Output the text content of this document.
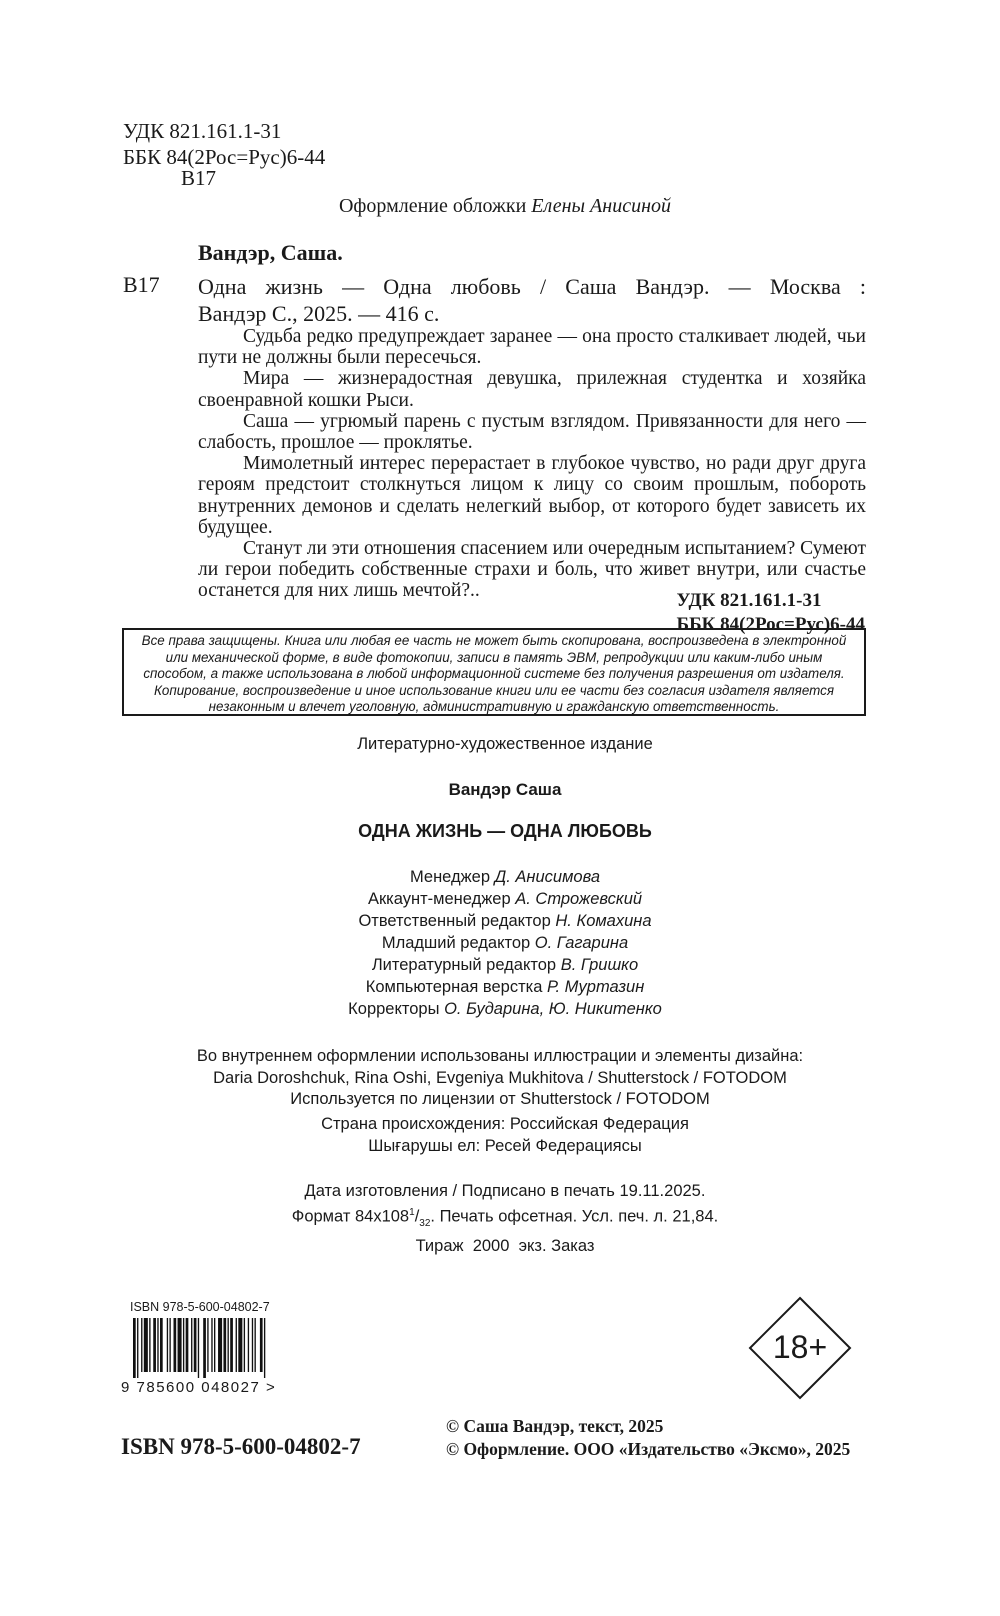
УДК 821.161.1-31
ББК 84(2Рос=Рус)6-44
В17
Оформление обложки Елены Анисиной
Вандэр, Саша.
В17 Одна жизнь — Одна любовь / Саша Вандэр. — Москва :
Вандэр С., 2025. — 416 с.

Судьба редко предупреждает заранее — она просто сталкивает людей, чьи пути не должны были пересечься.

Мира — жизнерадостная девушка, прилежная студентка и хозяйка своенравной кошки Рыси.

Саша — угрюмый парень с пустым взглядом. Привязанности для него — слабость, прошлое — проклятье.

Мимолетный интерес перерастает в глубокое чувство, но ради друг друга героям предстоит столкнуться лицом к лицу со своим прошлым, побороть внутренних демонов и сделать нелегкий выбор, от которого будет зависеть их будущее.

Станут ли эти отношения спасением или очередным испытанием? Сумеют ли герои победить собственные страхи и боль, что живет внутри, или счастье останется для них лишь мечтой?..	УДК 821.161.1-31
ББК 84(2Рос=Рус)6-44
Все права защищены. Книга или любая ее часть не может быть скопирована, воспроизведена в электронной или механической форме, в виде фотокопии, записи в память ЭВМ, репродукции или каким-либо иным способом, а также использована в любой информационной системе без получения разрешения от издателя. Копирование, воспроизведение и иное использование книги или ее части без согласия издателя является незаконным и влечет уголовную, административную и гражданскую ответственность.
Литературно-художественное издание
Вандэр Саша
ОДНА ЖИЗНЬ — ОДНА ЛЮБОВЬ
Менеджер Д. Анисимова
Аккаунт-менеджер А. Строжевский
Ответственный редактор Н. Комахина
Младший редактор О. Гагарина
Литературный редактор В. Гришко
Компьютерная верстка Р. Муртазин
Корректоры О. Бударина, Ю. Никитенко
Во внутреннем оформлении использованы иллюстрации и элементы дизайна:
Daria Doroshchuk, Rina Oshi, Evgeniya Mukhitova / Shutterstock / FOTODOM
Используется по лицензии от Shutterstock / FOTODOM
Страна происхождения: Российская Федерация
Шығарушы ел: Ресей Федерациясы
Дата изготовления / Подписано в печать 19.11.2025.
Формат $84x108^1/_{32}$. Печать офсетная. Усл. печ. л. 21,84.
Тираж  2000  экз. Заказ
ISBN 978-5-600-04802-7
9 785600 048027 >
ISBN 978-5-600-04802-7
18+
© Саша Вандэр, текст, 2025
© Оформление. ООО «Издательство «Эксмо», 2025
